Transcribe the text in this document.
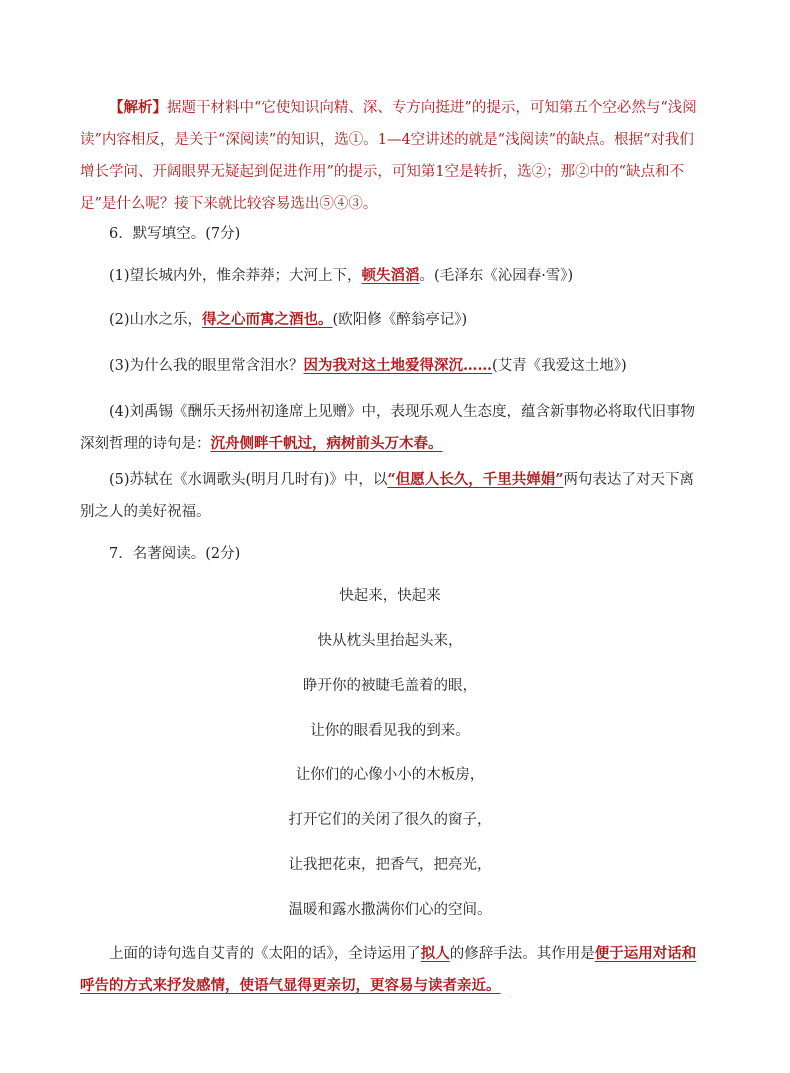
【解析】据题干材料中“它使知识向精、深、专方向挺进”的提示，可知第五个空必然与“浅阅读”内容相反，是关于“深阅读”的知识，选①。1—4空讲述的就是“浅阅读”的缺点。根据“对我们增长学问、开阔眼界无疑起到促进作用”的提示，可知第1空是转折，选②；那②中的“缺点和不足”是什么呢？接下来就比较容易选出⑤④③。

6．默写填空。(7分)

(1)望长城内外，惟余莽莽；大河上下，顿失滔滔。(毛泽东《沁园春·雪》)

(2)山水之乐，得之心而寓之酒也。(欧阳修《醉翁亭记》)

(3)为什么我的眼里常含泪水？因为我对这土地爱得深沉……(艾青《我爱这土地》)

(4)刘禹锡《酬乐天扬州初逢席上见赠》中，表现乐观人生态度，蕴含新事物必将取代旧事物深刻哲理的诗句是：沉舟侧畔千帆过，病树前头万木春。

(5)苏轼在《水调歌头(明月几时有)》中，以“但愿人长久，千里共婵娟”两句表达了对天下离别之人的美好祝福。

7．名著阅读。(2分)

快起来，快起来
快从枕头里抬起头来，
睁开你的被睫毛盖着的眼，
让你的眼看见我的到来。
让你们的心像小小的木板房，
打开它们的关闭了很久的窗子，
让我把花束，把香气，把亮光，
温暖和露水撒满你们心的空间。

上面的诗句选自艾青的《太阳的话》，全诗运用了拟人的修辞手法。其作用是便于运用对话和呼告的方式来抒发感情，使语气显得更亲切，更容易与读者亲近。
